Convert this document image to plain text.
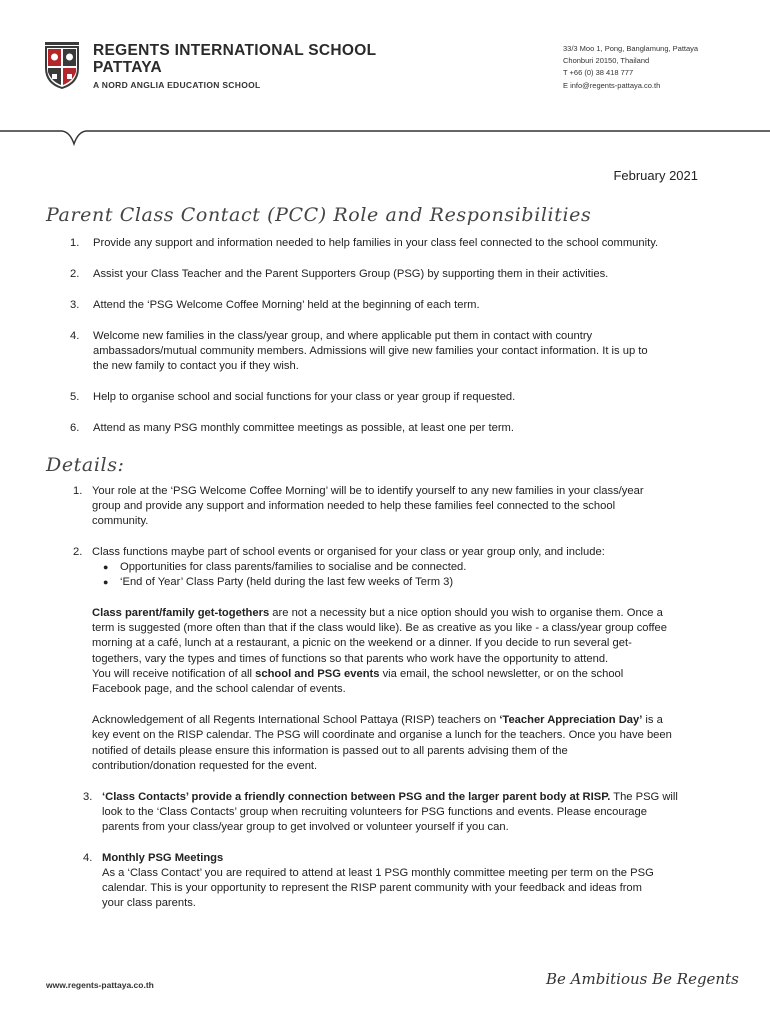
REGENTS INTERNATIONAL SCHOOL
PATTAYA
A NORD ANGLIA EDUCATION SCHOOL
33/3 Moo 1, Pong, Banglamung, Pattaya
Chonburi 20150, Thailand
T +66 (0) 38 418 777
E info@regents-pattaya.co.th
February 2021
Parent Class Contact (PCC) Role and Responsibilities
1. Provide any support and information needed to help families in your class feel connected to the school community.
2. Assist your Class Teacher and the Parent Supporters Group (PSG) by supporting them in their activities.
3. Attend the ‘PSG Welcome Coffee Morning’ held at the beginning of each term.
4. Welcome new families in the class/year group, and where applicable put them in contact with country
ambassadors/mutual community members. Admissions will give new families your contact information. It is up to
the new family to contact you if they wish.
5. Help to organise school and social functions for your class or year group if requested.
6. Attend as many PSG monthly committee meetings as possible, at least one per term.
Details:
1. Your role at the ‘PSG Welcome Coffee Morning’ will be to identify yourself to any new families in your class/year
group and provide any support and information needed to help these families feel connected to the school
community.
2. Class functions maybe part of school events or organised for your class or year group only, and include:
● Opportunities for class parents/families to socialise and be connected.
● ‘End of Year’ Class Party (held during the last few weeks of Term 3)
Class parent/family get-togethers are not a necessity but a nice option should you wish to organise them. Once a
term is suggested (more often than that if the class would like). Be as creative as you like - a class/year group coffee
morning at a café, lunch at a restaurant, a picnic on the weekend or a dinner. If you decide to run several get-
togethers, vary the types and times of functions so that parents who work have the opportunity to attend.
You will receive notification of all school and PSG events via email, the school newsletter, or on the school
Facebook page, and the school calendar of events.
Acknowledgement of all Regents International School Pattaya (RISP) teachers on ‘Teacher Appreciation Day’ is a
key event on the RISP calendar. The PSG will coordinate and organise a lunch for the teachers. Once you have been
notified of details please ensure this information is passed out to all parents advising them of the
contribution/donation requested for the event.
3. ‘Class Contacts’ provide a friendly connection between PSG and the larger parent body at RISP. The PSG will
look to the ‘Class Contacts’ group when recruiting volunteers for PSG functions and events. Please encourage
parents from your class/year group to get involved or volunteer yourself if you can.
4. Monthly PSG Meetings
As a ‘Class Contact’ you are required to attend at least 1 PSG monthly committee meeting per term on the PSG
calendar. This is your opportunity to represent the RISP parent community with your feedback and ideas from
your class parents.
www.regents-pattaya.co.th	Be Ambitious Be Regents
